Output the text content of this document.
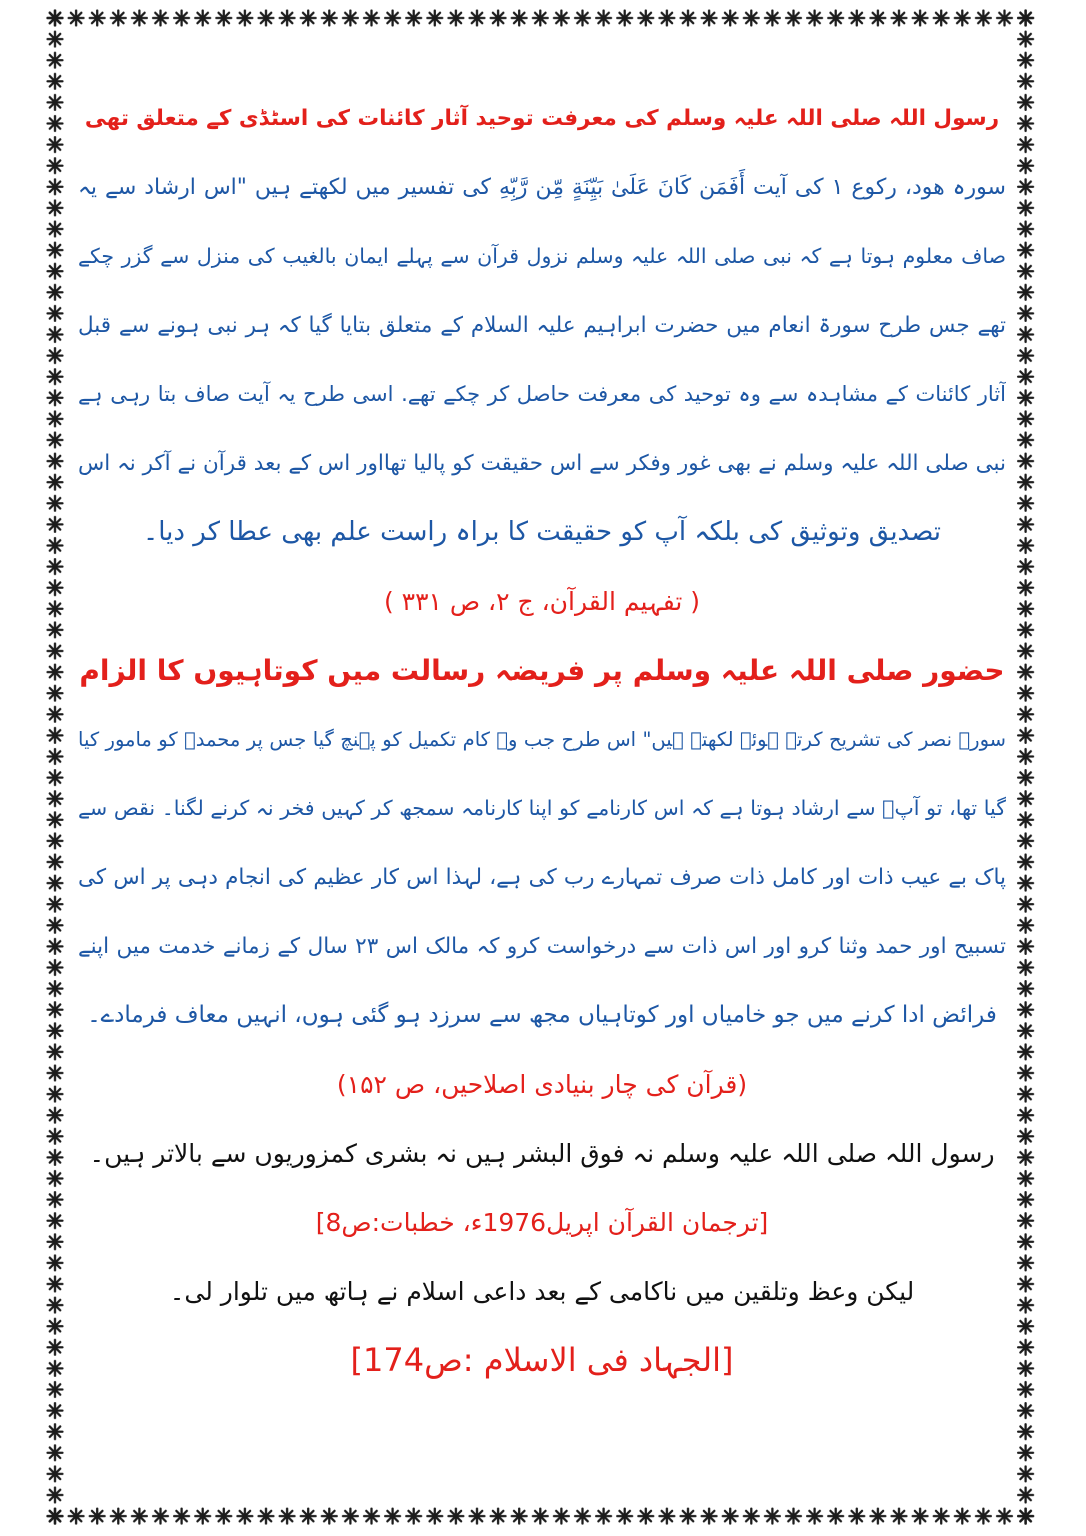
رسول اللہ صلی اللہ علیہ وسلم کی معرفت توحید آثار کائنات کی اسٹڈی کے متعلق تھی
سورہ ھود، رکوع ۱ کی آیت أَفَمَن كَانَ عَلَىٰ بَيِّنَةٍ مِّن رَّبِّهِ کی تفسیر میں لکھتے ہیں "اس ارشاد سے یہ
صاف معلوم ہوتا ہے کہ نبی صلی اللہ علیہ وسلم نزول قرآن سے پہلے ایمان بالغیب کی منزل سے گزر چکے
تھے جس طرح سورۃ انعام میں حضرت ابراہیم علیہ السلام کے متعلق بتایا گیا کہ ہر نبی ہونے سے قبل
آثار کائنات کے مشاہدہ سے وہ توحید کی معرفت حاصل کر چکے تھے. اسی طرح یہ آیت صاف بتا رہی ہے
نبی صلی اللہ علیہ وسلم نے بھی غور وفکر سے اس حقیقت کو پالیا تھااور اس کے بعد قرآن نے آکر نہ اس
تصدیق وتوثیق کی بلکہ آپ کو حقیقت کا براہ راست علم بھی عطا کر دیا۔
( تفہیم القرآن، ج ۲، ص ۳۳۱ )
حضور صلی اللہ علیہ وسلم پر فریضہ رسالت میں کوتاہیوں کا الزام
سورۃ نصر کی تشریح کرتے ہوئے لکھتے ہیں" اس طرح جب وہ کام تکمیل کو پہنچ گیا جس پر محمدؐ کو مامور کیا
گیا تھا، تو آپؐ سے ارشاد ہوتا ہے کہ اس کارنامے کو اپنا کارنامہ سمجھ کر کہیں فخر نہ کرنے لگنا۔ نقص سے
پاک بے عیب ذات اور کامل ذات صرف تمہارے رب کی ہے، لہذا اس کار عظیم کی انجام دہی پر اس کی
تسبیح اور حمد وثنا کرو اور اس ذات سے درخواست کرو کہ مالک اس ۲۳ سال کے زمانے خدمت میں اپنے
فرائض ادا کرنے میں جو خامیاں اور کوتاہیاں مجھ سے سرزد ہو گئی ہوں، انہیں معاف فرمادے۔
(قرآن کی چار بنیادی اصلاحیں، ص ۱۵۲)
رسول اللہ صلی اللہ علیہ وسلم نہ فوق البشر ہیں نہ بشری کمزوریوں سے بالاتر ہیں۔
[ترجمان القرآن اپریل1976ء، خطبات:ص8]
لیکن وعظ وتلقین میں ناکامی کے بعد داعی اسلام نے ہاتھ میں تلوار لی۔
[الجہاد فی الاسلام :ص174]
